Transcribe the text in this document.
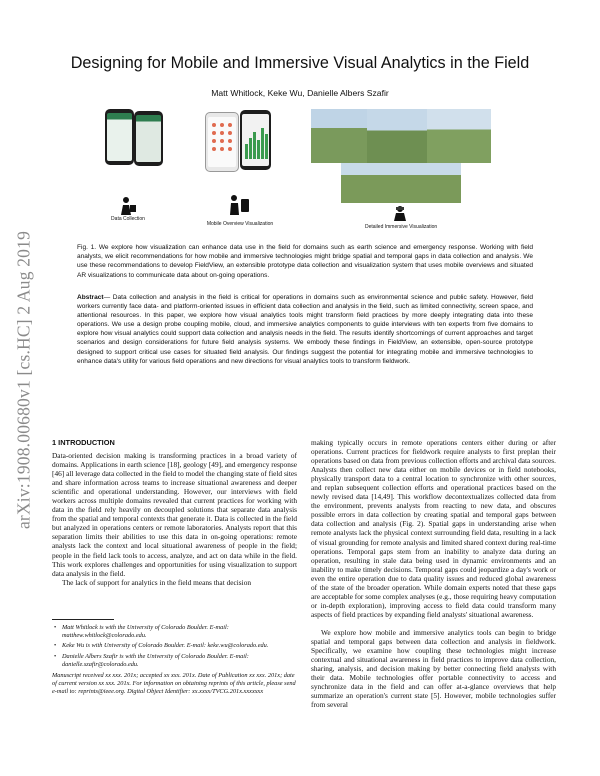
arXiv:1908.00680v1 [cs.HC] 2 Aug 2019
Designing for Mobile and Immersive Visual Analytics in the Field
Matt Whitlock, Keke Wu, Danielle Albers Szafir
Data Collection
Mobile Overview Visualization	Detailed Immersive Visualization
Fig. 1. We explore how visualization can enhance data use in the field for domains such as earth science and emergency response. Working with field analysts, we elicit recommendations for how mobile and immersive technologies might bridge spatial and temporal gaps in data collection and analysis. We use these recommendations to develop FieldView, an extensible prototype data collection and visualization system that uses mobile overviews and situated AR visualizations to communicate data about on-going operations.
Abstract— Data collection and analysis in the field is critical for operations in domains such as environmental science and public safety. However, field workers currently face data- and platform-oriented issues in efficient data collection and analysis in the field, such as limited connectivity, screen space, and attentional resources. In this paper, we explore how visual analytics tools might transform field practices by more deeply integrating data into these operations. We use a design probe coupling mobile, cloud, and immersive analytics components to guide interviews with ten experts from five domains to explore how visual analytics could support data collection and analysis needs in the field. The results identify shortcomings of current approaches and target scenarios and design considerations for future field analysis systems. We embody these findings in FieldView, an extensible, open-source prototype designed to support critical use cases for situated field analysis. Our findings suggest the potential for integrating mobile and immersive technologies to enhance data's utility for various field operations and new directions for visual analytics tools to transform fieldwork.
1 INTRODUCTION

Data-oriented decision making is transforming practices in a broad variety of domains. Applications in earth science [18], geology [49], and emergency response [46] all leverage data collected in the field to model the changing state of field sites and share information across teams to increase situational awareness and deeper scientific and operational understanding. However, our interviews with field workers across multiple domains revealed that current practices for working with data in the field rely heavily on decoupled solutions that separate data analysis from the spatial and temporal contexts that generate it. Data is collected in the field but analyzed in operations centers or remote laboratories. Analysts report that this separation limits their abilities to use this data in on-going operations: remote analysts lack the context and local situational awareness of people in the field; people in the field lack tools to access, analyze, and act on data while in the field. This work explores challenges and opportunities for using visualization to support data analysis in the field.

The lack of support for analytics in the field means that decision

• Matt Whitlock is with the University of Colorado Boulder. E-mail: matthew.whitlock@colorado.edu.
• Keke Wu is with University of Colorado Boulder. E-mail: keke.wu@colorado.edu.
• Danielle Albers Szafir is with the University of Colorado Boulder. E-mail: danielle.szafir@colorado.edu.
Manuscript received xx xxx. 201x; accepted xx xxx. 201x. Date of Publication xx xxx. 201x; date of current version xx xxx. 201x. For information on obtaining reprints of this article, please send e-mail to: reprints@ieee.org. Digital Object Identifier: xx.xxxx/TVCG.201x.xxxxxxx

making typically occurs in remote operations centers either during or after operations. Current practices for fieldwork require analysts to first preplan their operations based on data from previous collection efforts and archival data sources. Analysts then collect new data either on mobile devices or in field notebooks, physically transport data to a central location to synchronize with other sources, and replan subsequent collection efforts and operational practices based on the newly revised data [14,49]. This workflow decontextualizes collected data from the environment, prevents analysts from reacting to new data, and obscures possible errors in data collection by creating spatial and temporal gaps between data collection and analysis (Fig. 2). Spatial gaps in understanding arise when remote analysts lack the physical context surrounding field data, resulting in a lack of visual grounding for remote analysis and limited shared context during real-time operations. Temporal gaps stem from an inability to analyze data during an operation, resulting in stale data being used in dynamic environments and an inability to make timely decisions. Temporal gaps could jeopardize a day's work or even the entire operation due to data quality issues and reduced global awareness of the state of the broader operation. While domain experts noted that these gaps are acceptable for some complex analyses (e.g., those requiring heavy computation or in-depth exploration), improving access to field data could transform many aspects of field practices by expanding field analysts' situational awareness.

We explore how mobile and immersive analytics tools can begin to bridge spatial and temporal gaps between data collection and analysis in fieldwork. Specifically, we examine how coupling these technologies might increase contextual and situational awareness in field practices to improve data collection, sharing, analysis, and decision making by better connecting field analysts with their data. Mobile technologies offer portable connectivity to access and synchronize data in the field and can offer at-a-glance overviews that help summarize an operation's current state [5]. However, mobile technologies suffer from several
